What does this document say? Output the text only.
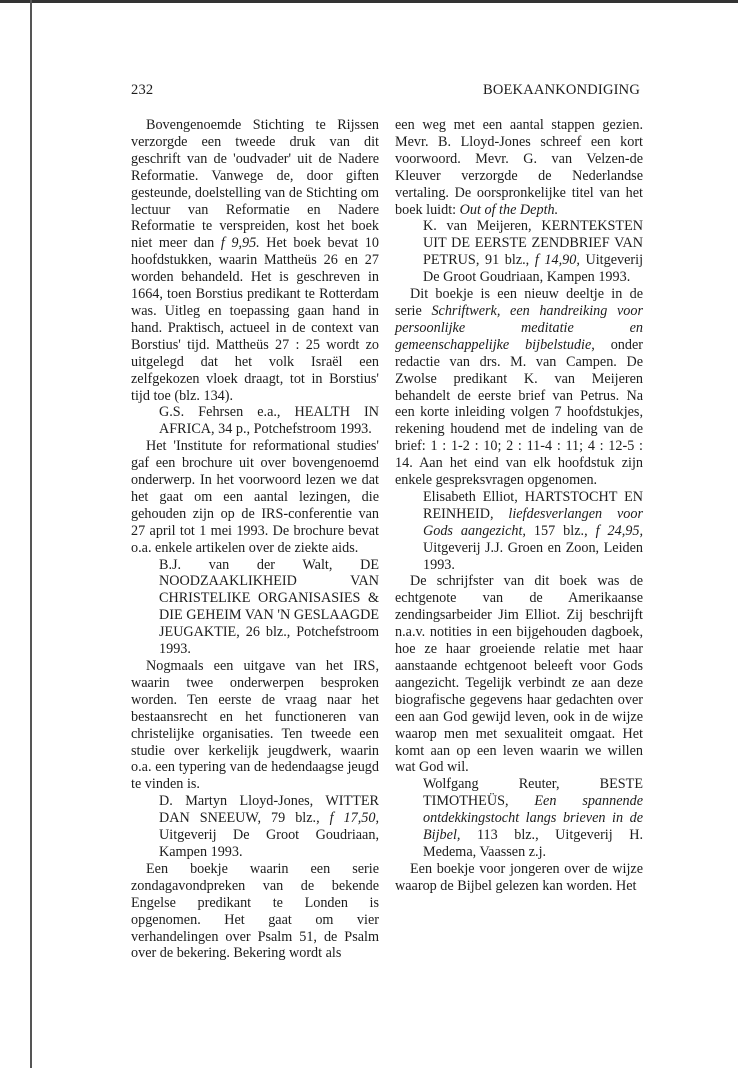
232	BOEKAANKONDIGING

Bovengenoemde Stichting te Rijssen verzorgde een tweede druk van dit geschrift van de 'oudvader' uit de Nadere Reformatie. Vanwege de, door giften gesteunde, doelstelling van de Stichting om lectuur van Reformatie en Nadere Reformatie te verspreiden, kost het boek niet meer dan f 9,95. Het boek bevat 10 hoofdstukken, waarin Mattheüs 26 en 27 worden behandeld. Het is geschreven in 1664, toen Borstius predikant te Rotterdam was. Uitleg en toepassing gaan hand in hand. Praktisch, actueel in de context van Borstius' tijd. Mattheüs 27 : 25 wordt zo uitgelegd dat het volk Israël een zelfgekozen vloek draagt, tot in Borstius' tijd toe (blz. 134).

G.S. Fehrsen e.a., HEALTH IN AFRICA, 34 p., Potchefstroom 1993.

Het 'Institute for reformational studies' gaf een brochure uit over bovengenoemd onderwerp. In het voorwoord lezen we dat het gaat om een aantal lezingen, die gehouden zijn op de IRS-conferentie van 27 april tot 1 mei 1993. De brochure bevat o.a. enkele artikelen over de ziekte aids.

B.J. van der Walt, DE NOODZAAKLIKHEID VAN CHRISTELIKE ORGANISASIES & DIE GEHEIM VAN 'N GESLAAGDE JEUGAKTIE, 26 blz., Potchefstroom 1993.

Nogmaals een uitgave van het IRS, waarin twee onderwerpen besproken worden. Ten eerste de vraag naar het bestaansrecht en het functioneren van christelijke organisaties. Ten tweede een studie over kerkelijk jeugdwerk, waarin o.a. een typering van de hedendaagse jeugd te vinden is.

D. Martyn Lloyd-Jones, WITTER DAN SNEEUW, 79 blz., f 17,50, Uitgeverij De Groot Goudriaan, Kampen 1993.

Een boekje waarin een serie zondagavondpreken van de bekende Engelse predikant te Londen is opgenomen. Het gaat om vier verhandelingen over Psalm 51, de Psalm over de bekering. Bekering wordt als

een weg met een aantal stappen gezien. Mevr. B. Lloyd-Jones schreef een kort voorwoord. Mevr. G. van Velzen-de Kleuver verzorgde de Nederlandse vertaling. De oorspronkelijke titel van het boek luidt: Out of the Depth.

K. van Meijeren, KERNTEKSTEN UIT DE EERSTE ZENDBRIEF VAN PETRUS, 91 blz., f 14,90, Uitgeverij De Groot Goudriaan, Kampen 1993.

Dit boekje is een nieuw deeltje in de serie Schriftwerk, een handreiking voor persoonlijke meditatie en gemeenschappelijke bijbelstudie, onder redactie van drs. M. van Campen. De Zwolse predikant K. van Meijeren behandelt de eerste brief van Petrus. Na een korte inleiding volgen 7 hoofdstukjes, rekening houdend met de indeling van de brief: 1 : 1-2 : 10; 2 : 11-4 : 11; 4 : 12-5 : 14. Aan het eind van elk hoofdstuk zijn enkele gespreksvragen opgenomen.

Elisabeth Elliot, HARTSTOCHT EN REINHEID, liefdesverlangen voor Gods aangezicht, 157 blz., f 24,95, Uitgeverij J.J. Groen en Zoon, Leiden 1993.

De schrijfster van dit boek was de echtgenote van de Amerikaanse zendingsarbeider Jim Elliot. Zij beschrijft n.a.v. notities in een bijgehouden dagboek, hoe ze haar groeiende relatie met haar aanstaande echtgenoot beleeft voor Gods aangezicht. Tegelijk verbindt ze aan deze biografische gegevens haar gedachten over een aan God gewijd leven, ook in de wijze waarop men met sexualiteit omgaat. Het komt aan op een leven waarin we willen wat God wil.

Wolfgang Reuter, BESTE TIMOTHEÜS, Een spannende ontdekkingstocht langs brieven in de Bijbel, 113 blz., Uitgeverij H. Medema, Vaassen z.j.

Een boekje voor jongeren over de wijze waarop de Bijbel gelezen kan worden. Het
